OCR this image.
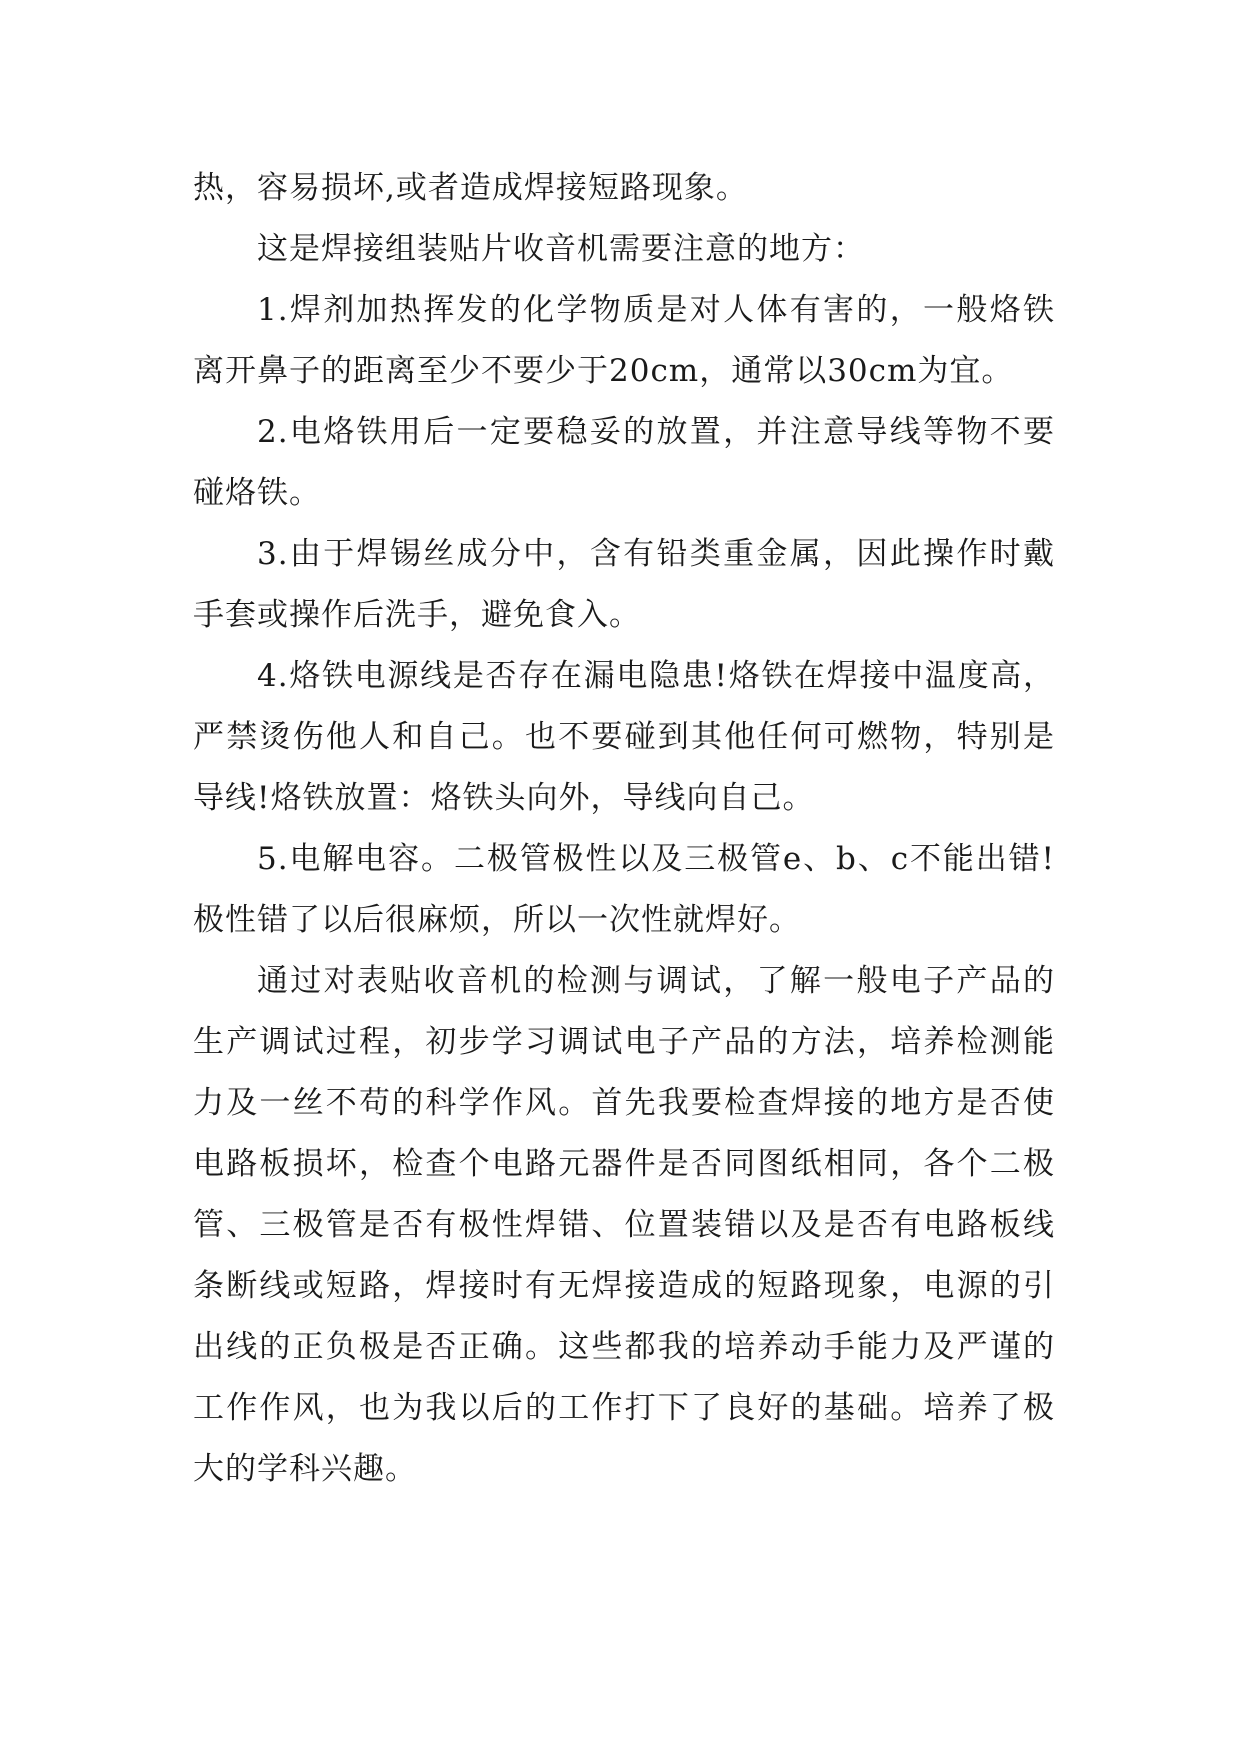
热，容易损坏,或者造成焊接短路现象。

这是焊接组装贴片收音机需要注意的地方：

1.焊剂加热挥发的化学物质是对人体有害的，一般烙铁离开鼻子的距离至少不要少于20cm，通常以30cm为宜。

2.电烙铁用后一定要稳妥的放置，并注意导线等物不要碰烙铁。

3.由于焊锡丝成分中，含有铅类重金属，因此操作时戴手套或操作后洗手，避免食入。

4.烙铁电源线是否存在漏电隐患!烙铁在焊接中温度高，严禁烫伤他人和自己。也不要碰到其他任何可燃物，特别是导线!烙铁放置：烙铁头向外，导线向自己。

5.电解电容。二极管极性以及三极管e、b、c不能出错!极性错了以后很麻烦，所以一次性就焊好。

通过对表贴收音机的检测与调试，了解一般电子产品的生产调试过程，初步学习调试电子产品的方法，培养检测能力及一丝不苟的科学作风。首先我要检查焊接的地方是否使电路板损坏，检查个电路元器件是否同图纸相同，各个二极管、三极管是否有极性焊错、位置装错以及是否有电路板线条断线或短路，焊接时有无焊接造成的短路现象，电源的引出线的正负极是否正确。这些都我的培养动手能力及严谨的工作作风，也为我以后的工作打下了良好的基础。培养了极大的学科兴趣。
